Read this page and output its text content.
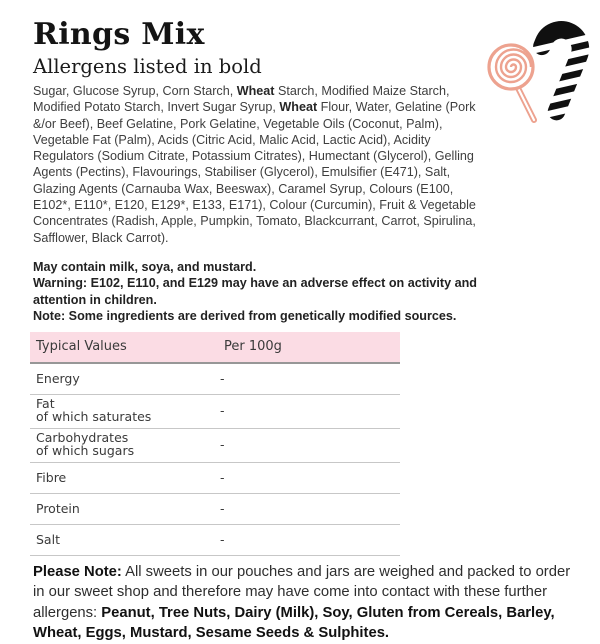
Rings Mix
Allergens listed in bold

Sugar, Glucose Syrup, Corn Starch, Wheat Starch, Modified Maize Starch, Modified Potato Starch, Invert Sugar Syrup, Wheat Flour, Water, Gelatine (Pork &/or Beef), Beef Gelatine, Pork Gelatine, Vegetable Oils (Coconut, Palm), Vegetable Fat (Palm), Acids (Citric Acid, Malic Acid, Lactic Acid), Acidity Regulators (Sodium Citrate, Potassium Citrates), Humectant (Glycerol), Gelling Agents (Pectins), Flavourings, Stabiliser (Glycerol), Emulsifier (E471), Salt, Glazing Agents (Carnauba Wax, Beeswax), Caramel Syrup, Colours (E100, E102*, E110*, E120, E129*, E133, E171), Colour (Curcumin), Fruit & Vegetable Concentrates (Radish, Apple, Pumpkin, Tomato, Blackcurrant, Carrot, Spirulina, Safflower, Black Carrot).

May contain milk, soya, and mustard.

Warning: E102, E110, and E129 may have an adverse effect on activity and attention in children.

Note: Some ingredients are derived from genetically modified sources.

Typical Values	Per 100g

Energy	-

Fat
of which saturates	-

Carbohydrates
of which sugars	-

Fibre	-

Protein	-

Salt	-

Please Note: All sweets in our pouches and jars are weighed and packed to order in our sweet shop and therefore may have come into contact with these further allergens: Peanut, Tree Nuts, Dairy (Milk), Soy, Gluten from Cereals, Barley, Wheat, Eggs, Mustard, Sesame Seeds & Sulphites.
